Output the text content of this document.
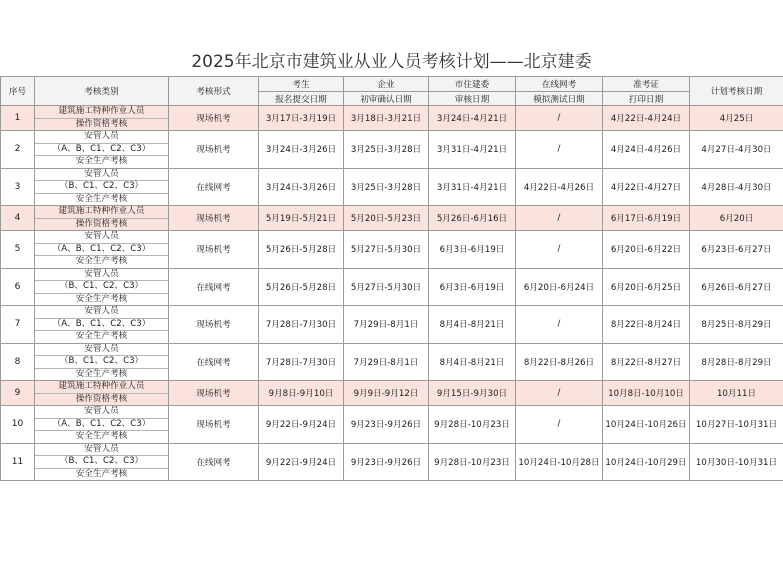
2025年北京市建筑业从业人员考核计划——北京建委
序号	考核类别	考核形式	考生	企业	市住建委	在线网考	准考证	计划考核日期
			报名提交日期	初审确认日期	审核日期	模拟测试日期	打印日期	
1	建筑施工特种作业人员
操作资格考核	现场机考	3月17日-3月19日	3月18日-3月21日	3月24日-4月21日	/	4月22日-4月24日	4月25日
2	安管人员
（A、B、C1、C2、C3）
安全生产考核	现场机考	3月24日-3月26日	3月25日-3月28日	3月31日-4月21日	/	4月24日-4月26日	4月27日-4月30日
3	安管人员
（B、C1、C2、C3）
安全生产考核	在线网考	3月24日-3月26日	3月25日-3月28日	3月31日-4月21日	4月22日-4月26日	4月22日-4月27日	4月28日-4月30日
4	建筑施工特种作业人员
操作资格考核	现场机考	5月19日-5月21日	5月20日-5月23日	5月26日-6月16日	/	6月17日-6月19日	6月20日
5	安管人员
（A、B、C1、C2、C3）
安全生产考核	现场机考	5月26日-5月28日	5月27日-5月30日	6月3日-6月19日	/	6月20日-6月22日	6月23日-6月27日
6	安管人员
（B、C1、C2、C3）
安全生产考核	在线网考	5月26日-5月28日	5月27日-5月30日	6月3日-6月19日	6月20日-6月24日	6月20日-6月25日	6月26日-6月27日
7	安管人员
（A、B、C1、C2、C3）
安全生产考核	现场机考	7月28日-7月30日	7月29日-8月1日	8月4日-8月21日	/	8月22日-8月24日	8月25日-8月29日
8	安管人员
（B、C1、C2、C3）
安全生产考核	在线网考	7月28日-7月30日	7月29日-8月1日	8月4日-8月21日	8月22日-8月26日	8月22日-8月27日	8月28日-8月29日
9	建筑施工特种作业人员
操作资格考核	现场机考	9月8日-9月10日	9月9日-9月12日	9月15日-9月30日	/	10月8日-10月10日	10月11日
10	安管人员
（A、B、C1、C2、C3）
安全生产考核	现场机考	9月22日-9月24日	9月23日-9月26日	9月28日-10月23日	/	10月24日-10月26日	10月27日-10月31日
11	安管人员
（B、C1、C2、C3）
安全生产考核	在线网考	9月22日-9月24日	9月23日-9月26日	9月28日-10月23日	10月24日-10月28日	10月24日-10月29日	10月30日-10月31日
